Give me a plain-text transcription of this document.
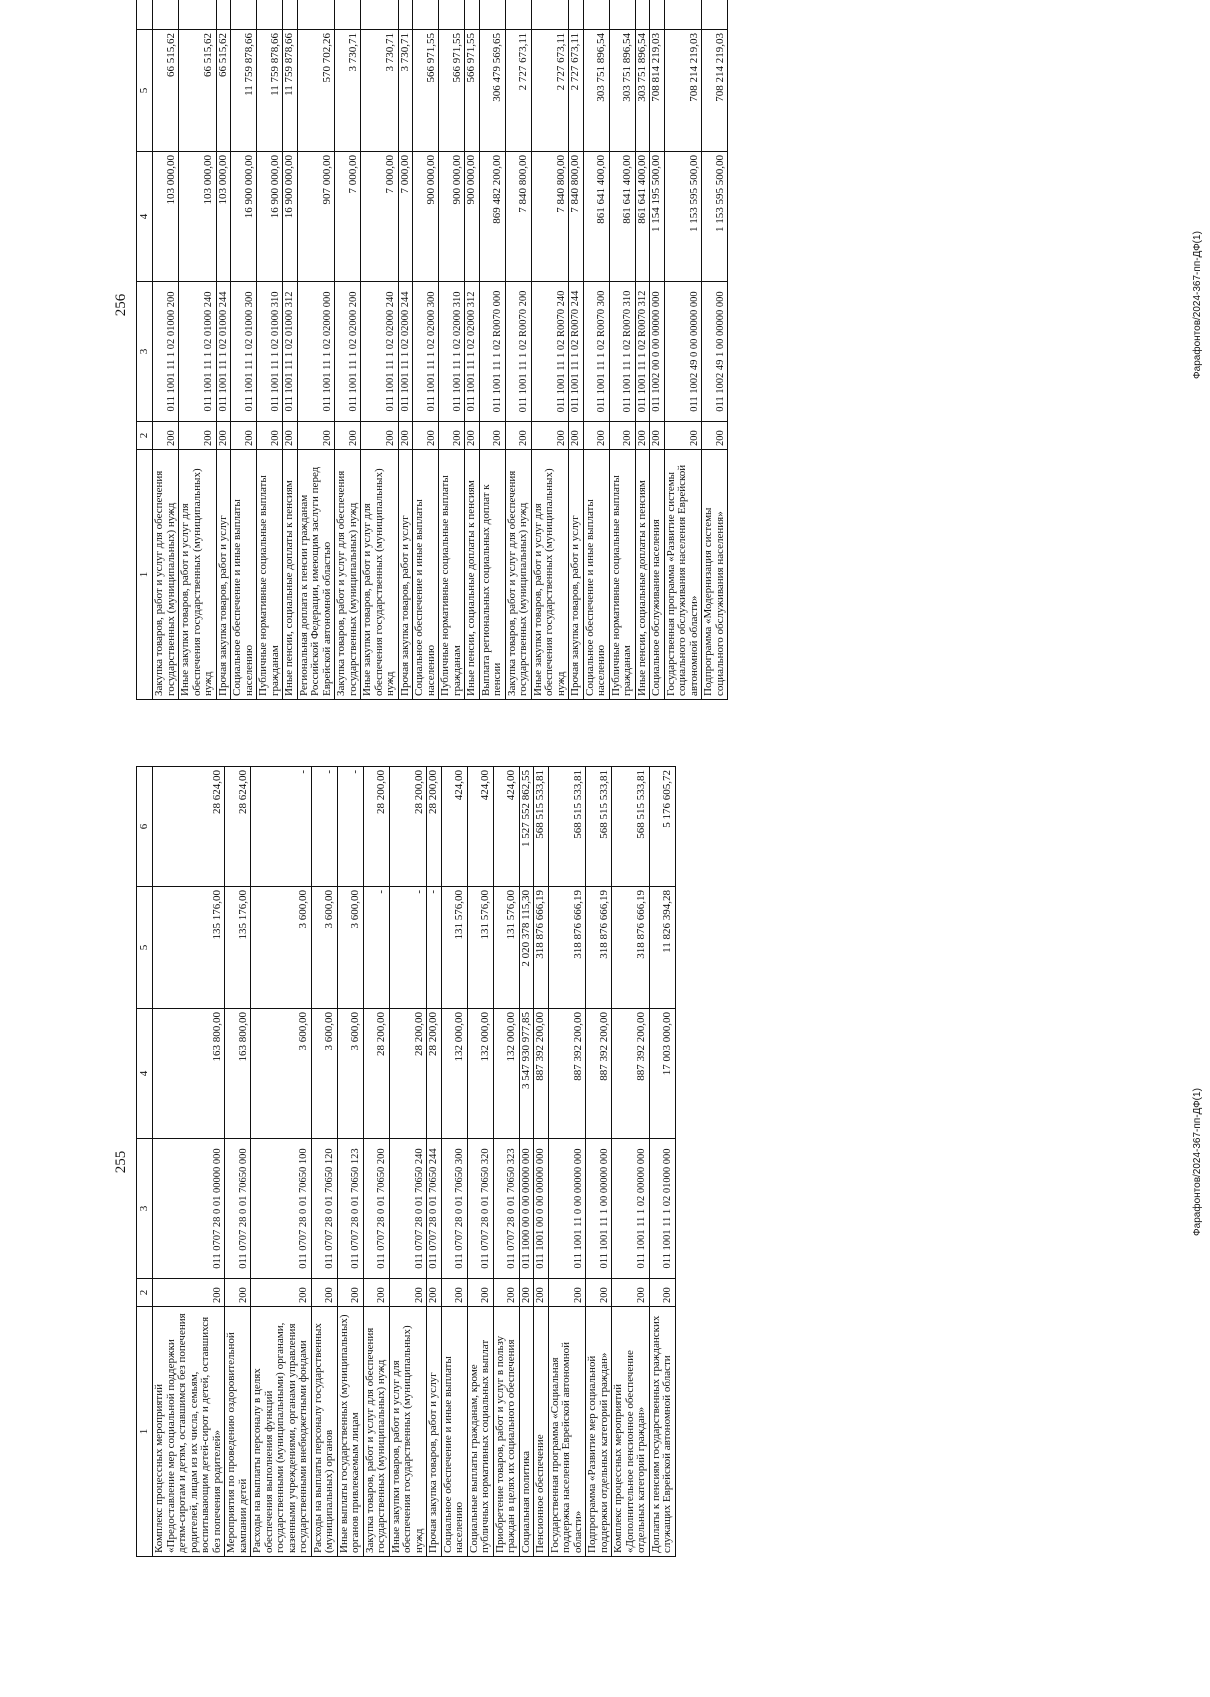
255
1	2	3	4	5	6
Комплекс процессных мероприятий «Предоставление мер социальной поддержки детям-сиротам и детям, оставшимся без попечения родителей, лицам из их числа, семьям, воспитывающим детей-сирот и детей, оставшихся без попечения родителей»	200	011 0707 28 0 01 00000 000	163 800,00	135 176,00	28 624,00
Мероприятия по проведению оздоровительной кампании детей	200	011 0707 28 0 01 70650 000	163 800,00	135 176,00	28 624,00
Расходы на выплаты персоналу в целях обеспечения выполнения функций государственными (муниципальными) органами, казенными учреждениями, органами управления государственными внебюджетными фондами	200	011 0707 28 0 01 70650 100	3 600,00	3 600,00	-
Расходы на выплаты персоналу государственных (муниципальных) органов	200	011 0707 28 0 01 70650 120	3 600,00	3 600,00	-
Иные выплаты государственных (муниципальных) органов привлекаемым лицам	200	011 0707 28 0 01 70650 123	3 600,00	3 600,00	-
Закупка товаров, работ и услуг для обеспечения государственных (муниципальных) нужд	200	011 0707 28 0 01 70650 200	28 200,00	-	28 200,00
Иные закупки товаров, работ и услуг для обеспечения государственных (муниципальных) нужд	200	011 0707 28 0 01 70650 240	28 200,00	-	28 200,00
Прочая закупка товаров, работ и услуг	200	011 0707 28 0 01 70650 244	28 200,00	-	28 200,00
Социальное обеспечение и иные выплаты населению	200	011 0707 28 0 01 70650 300	132 000,00	131 576,00	424,00
Социальные выплаты гражданам, кроме публичных нормативных социальных выплат	200	011 0707 28 0 01 70650 320	132 000,00	131 576,00	424,00
Приобретение товаров, работ и услуг в пользу граждан в целях их социального обеспечения	200	011 0707 28 0 01 70650 323	132 000,00	131 576,00	424,00
Социальная политика	200	011 1000 00 0 00 00000 000	3 547 930 977,85	2 020 378 115,30	1 527 552 862,55
Пенсионное обеспечение	200	011 1001 00 0 00 00000 000	887 392 200,00	318 876 666,19	568 515 533,81
Государственная программа «Социальная поддержка населения Еврейской автономной области»	200	011 1001 11 0 00 00000 000	887 392 200,00	318 876 666,19	568 515 533,81
Подпрограмма «Развитие мер социальной поддержки отдельных категорий граждан»	200	011 1001 11 1 00 00000 000	887 392 200,00	318 876 666,19	568 515 533,81
Комплекс процессных мероприятий «Дополнительное пенсионное обеспечение отдельных категорий граждан»	200	011 1001 11 1 02 00000 000	887 392 200,00	318 876 666,19	568 515 533,81
Доплаты к пенсиям государственных гражданских служащих Еврейской автономной области	200	011 1001 11 1 02 01000 000	17 003 000,00	11 826 394,28	5 176 605,72
Фарафонтов/2024-367-пп-ДФ(1)
256
1	2	3	4	5	
Закупка товаров, работ и услуг для обеспечения государственных (муниципальных) нужд	200	011 1001 11 1 02 01000 200	103 000,00	66 515,62	
Иные закупки товаров, работ и услуг для обеспечения государственных (муниципальных) нужд	200	011 1001 11 1 02 01000 240	103 000,00	66 515,62	
Прочая закупка товаров, работ и услуг	200	011 1001 11 1 02 01000 244	103 000,00	66 515,62	
Социальное обеспечение и иные выплаты населению	200	011 1001 11 1 02 01000 300	16 900 000,00	11 759 878,66	
Публичные нормативные социальные выплаты гражданам	200	011 1001 11 1 02 01000 310	16 900 000,00	11 759 878,66	
Иные пенсии, социальные доплаты к пенсиям	200	011 1001 11 1 02 01000 312	16 900 000,00	11 759 878,66	
Региональная доплата к пенсии гражданам Российской Федерации, имеющим заслуги перед Еврейской автономной областью	200	011 1001 11 1 02 02000 000	907 000,00	570 702,26	
Закупка товаров, работ и услуг для обеспечения государственных (муниципальных) нужд	200	011 1001 11 1 02 02000 200	7 000,00	3 730,71	
Иные закупки товаров, работ и услуг для обеспечения государственных (муниципальных) нужд	200	011 1001 11 1 02 02000 240	7 000,00	3 730,71	
Прочая закупка товаров, работ и услуг	200	011 1001 11 1 02 02000 244	7 000,00	3 730,71	
Социальное обеспечение и иные выплаты населению	200	011 1001 11 1 02 02000 300	900 000,00	566 971,55	
Публичные нормативные социальные выплаты гражданам	200	011 1001 11 1 02 02000 310	900 000,00	566 971,55	
Иные пенсии, социальные доплаты к пенсиям	200	011 1001 11 1 02 02000 312	900 000,00	566 971,55	
Выплата региональных социальных доплат к пенсии	200	011 1001 11 1 02 R0070 000	869 482 200,00	306 479 569,65	
Закупка товаров, работ и услуг для обеспечения государственных (муниципальных) нужд	200	011 1001 11 1 02 R0070 200	7 840 800,00	2 727 673,11	
Иные закупки товаров, работ и услуг для обеспечения государственных (муниципальных) нужд	200	011 1001 11 1 02 R0070 240	7 840 800,00	2 727 673,11	
Прочая закупка товаров, работ и услуг	200	011 1001 11 1 02 R0070 244	7 840 800,00	2 727 673,11	
Социальное обеспечение и иные выплаты населению	200	011 1001 11 1 02 R0070 300	861 641 400,00	303 751 896,54	
Публичные нормативные социальные выплаты гражданам	200	011 1001 11 1 02 R0070 310	861 641 400,00	303 751 896,54	
Иные пенсии, социальные доплаты к пенсиям	200	011 1001 11 1 02 R0070 312	861 641 400,00	303 751 896,54	
Социальное обслуживание населения	200	011 1002 00 0 00 00000 000	1 154 195 500,00	708 814 219,03	
Государственная программа «Развитие системы социального обслуживания населения Еврейской автономной области»	200	011 1002 49 0 00 00000 000	1 153 595 500,00	708 214 219,03	
Подпрограмма «Модернизация системы социального обслуживания населения»	200	011 1002 49 1 00 00000 000	1 153 595 500,00	708 214 219,03	
Фарафонтов/2024-367-пп-ДФ(1)
